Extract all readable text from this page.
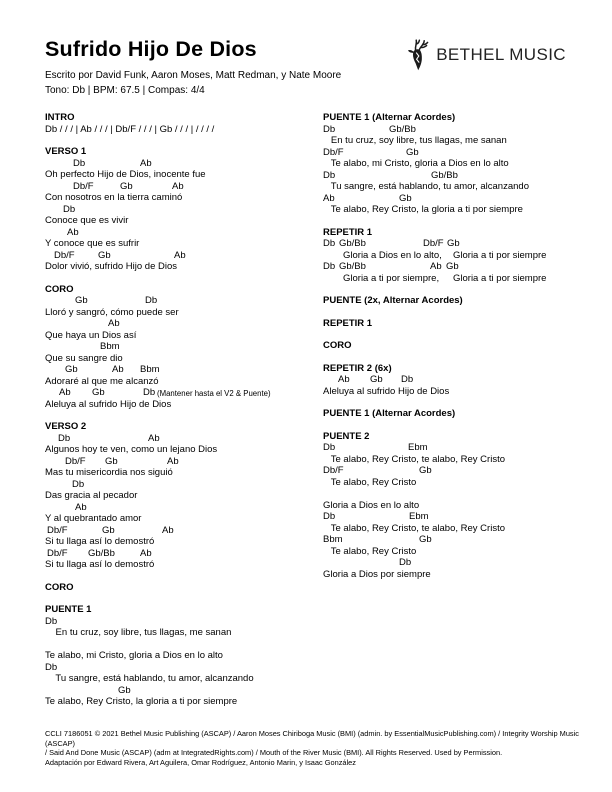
Sufrido Hijo De Dios
Escrito por David Funk, Aaron Moses, Matt Redman, y Nate Moore
Tono: Db | BPM: 67.5 | Compas: 4/4
BETHEL MUSIC
INTRO
Db / / / | Ab / / / | Db/F / / / | Gb / / / | / / / /
VERSO 1
Db	Ab
Oh perfecto Hijo de Dios, inocente fue
Db/F	Gb	Ab
Con nosotros en la tierra caminó
Db
Conoce que es vivir
Ab
Y conoce que es sufrir
Db/F Gb	Ab
Dolor vivió, sufrido Hijo de Dios
CORO
Gb	Db
Lloró y sangró, cómo puede ser
Ab
Que haya un Dios así
Bbm
Que su sangre dio
Gb	Ab Bbm
Adoraré al que me alcanzó
Ab Gb	Db (Mantener hasta el V2 & Puente)
Aleluya al sufrido Hijo de Dios
VERSO 2
Db	Ab
Algunos hoy te ven, como un lejano Dios
Db/F Gb	Ab
Mas tu misericordia nos siguió
Db
Das gracia al pecador
Ab
Y al quebrantado amor
Db/F	Gb	Ab
Si tu llaga así lo demostró
Db/F Gb/Bb	Ab
Si tu llaga así lo demostró
CORO
PUENTE 1
Db
En tu cruz, soy libre, tus llagas, me sanan

Te alabo, mi Cristo, gloria a Dios en lo alto
Db
Tu sangre, está hablando, tu amor, alcanzando
Gb
Te alabo, Rey Cristo, la gloria a ti por siempre
PUENTE 1 (Alternar Acordes)
Db	Gb/Bb
En tu cruz, soy libre, tus llagas, me sanan
Db/F	Gb
Te alabo, mi Cristo, gloria a Dios en lo alto
Db	Gb/Bb
Tu sangre, está hablando, tu amor, alcanzando
Ab	Gb
Te alabo, Rey Cristo, la gloria a ti por siempre
REPETIR 1
Db Gb/Bb	Db/F Gb
Gloria a Dios en lo alto, Gloria a ti por siempre
Db Gb/Bb	Ab Gb
Gloria a ti por siempre, Gloria a ti por siempre
PUENTE (2x, Alternar Acordes)
REPETIR 1
CORO
REPETIR 2 (6x)
Ab Gb Db
Aleluya al sufrido Hijo de Dios
PUENTE 1 (Alternar Acordes)
PUENTE 2
Db	Ebm
Te alabo, Rey Cristo, te alabo, Rey Cristo
Db/F	Gb
Te alabo, Rey Cristo

Gloria a Dios en lo alto
Db	Ebm
Te alabo, Rey Cristo, te alabo, Rey Cristo
Bbm	Gb
Te alabo, Rey Cristo
Db
Gloria a Dios por siempre
CCLI 7186051 © 2021 Bethel Music Publishing (ASCAP) / Aaron Moses Chiriboga Music (BMI) (admin. by EssentialMusicPublishing.com) / Integrity Worship Music (ASCAP)
/ Said And Done Music (ASCAP) (adm at IntegratedRights.com) / Mouth of the River Music (BMI). All Rights Reserved. Used by Permission.
Adaptación por Edward Rivera, Art Aguilera, Omar Rodríguez, Antonio Marin, y Isaac González
